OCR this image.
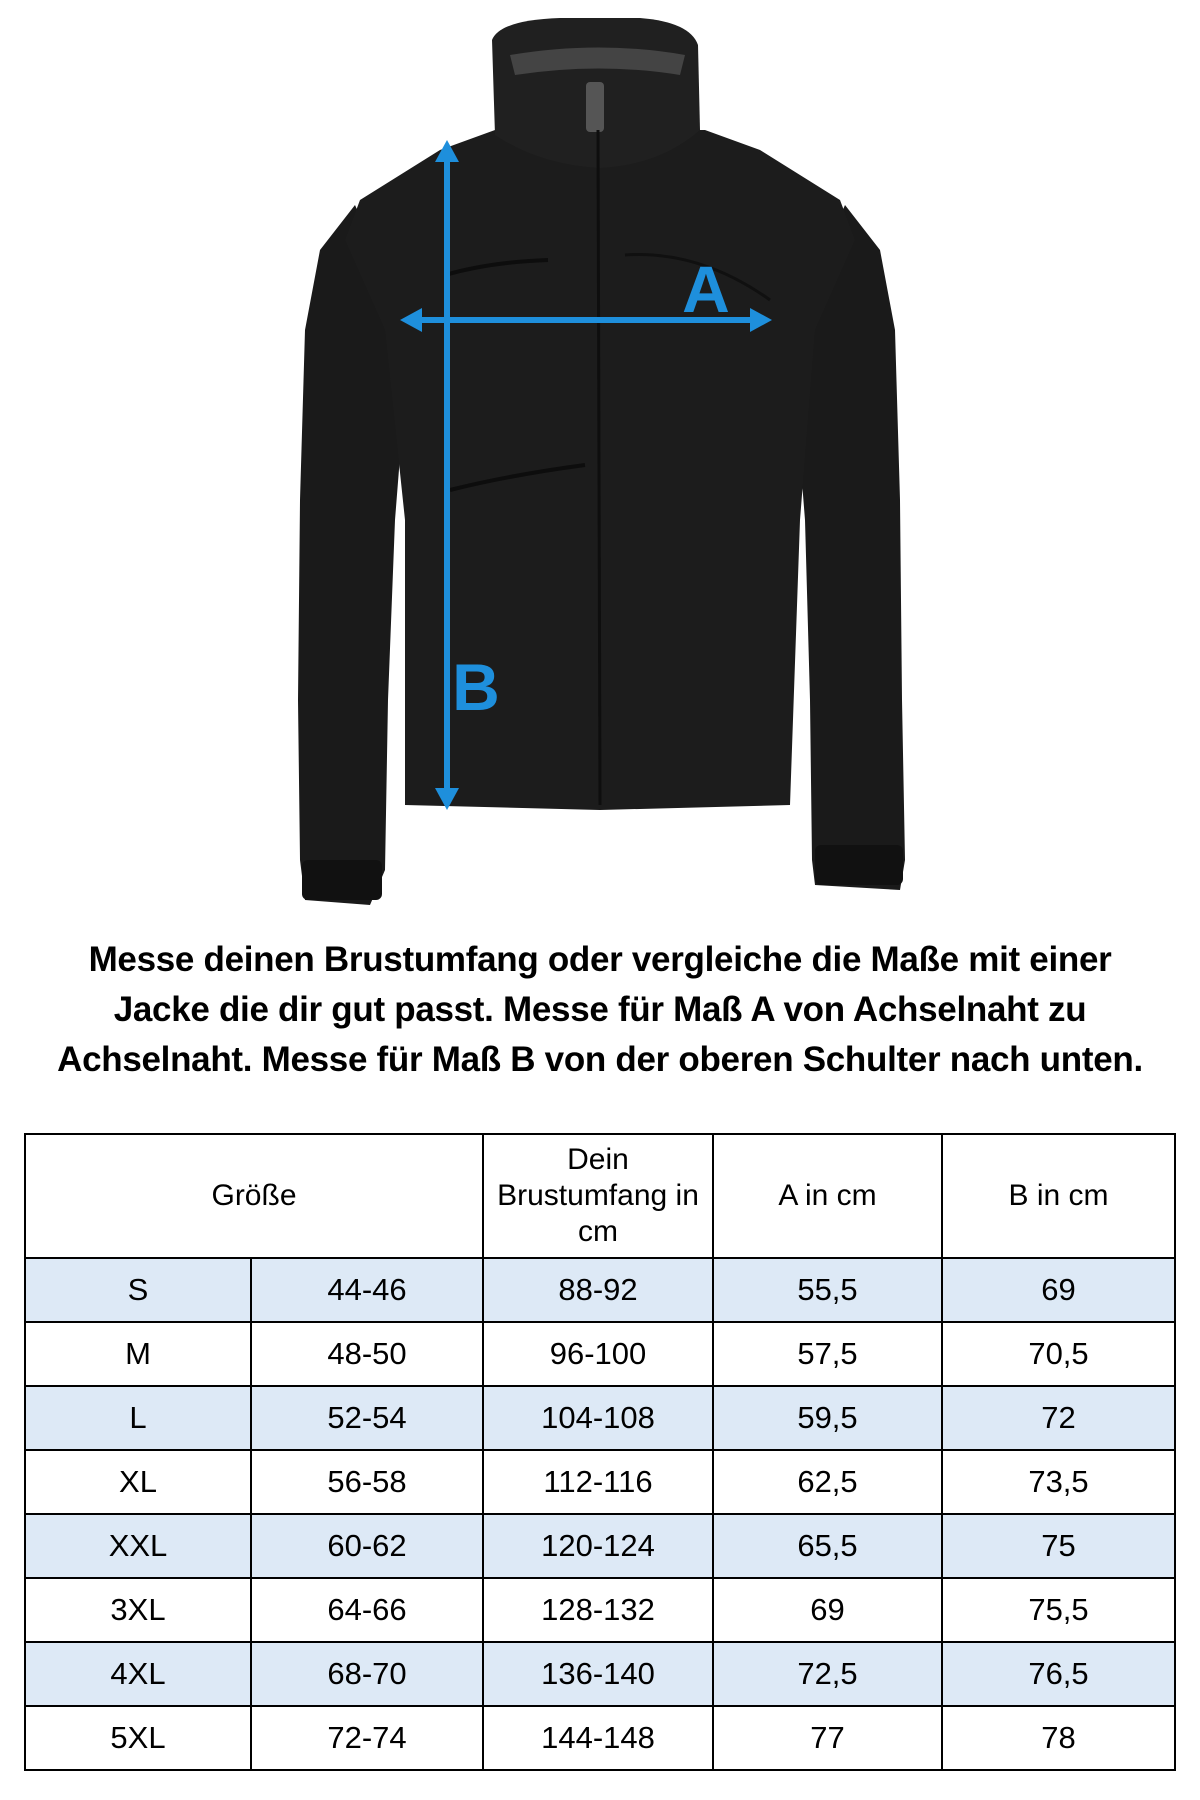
A
B

Messe deinen Brustumfang oder vergleiche die Maße mit einer Jacke die dir gut passt. Messe für Maß A von Achselnaht zu Achselnaht. Messe für Maß B von der oberen Schulter nach unten.

Größe		Dein Brustumfang in cm	A in cm	B in cm
S	44-46	88-92	55,5	69
M	48-50	96-100	57,5	70,5
L	52-54	104-108	59,5	72
XL	56-58	112-116	62,5	73,5
XXL	60-62	120-124	65,5	75
3XL	64-66	128-132	69	75,5
4XL	68-70	136-140	72,5	76,5
5XL	72-74	144-148	77	78
